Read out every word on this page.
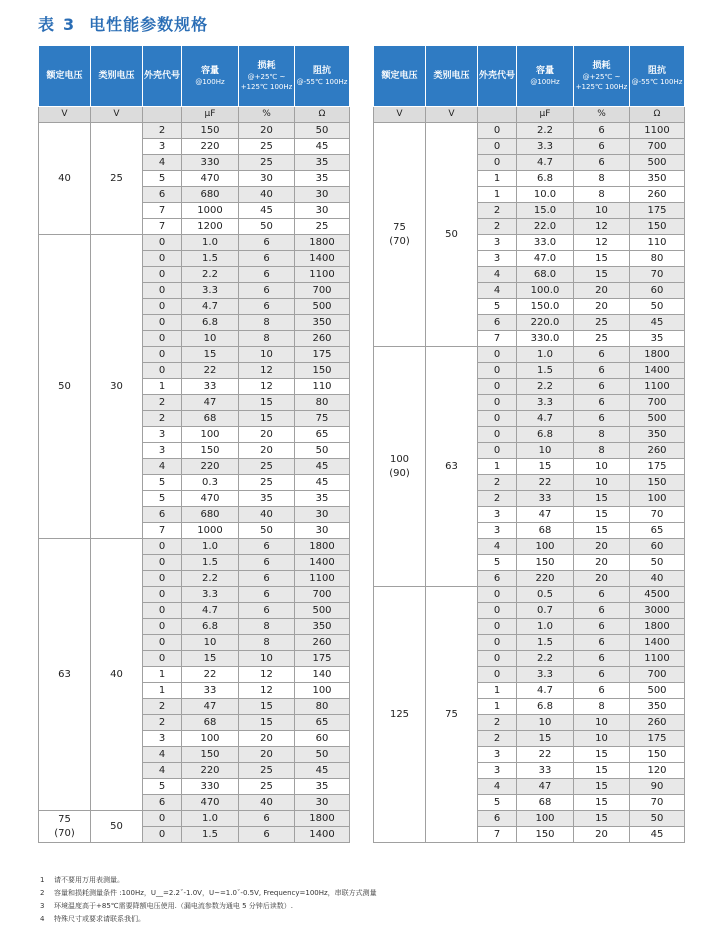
表 3 电性能参数规格
额定电压	类别电压	外壳代号	容量
@100Hz	损耗
@+25℃ ~ +125℃ 100Hz	阻抗
@-55℃ 100Hz

V	V		μF	%	Ω
40	25	2	150	20	50
		3	220	25	45
		4	330	25	35
		5	470	30	35
		6	680	40	30
		7	1000	45	30
		7	1200	50	25
50	30	0	1.0	6	1800
		0	1.5	6	1400
		0	2.2	6	1100
		0	3.3	6	700
		0	4.7	6	500
		0	6.8	8	350
		0	10	8	260
		0	15	10	175
		0	22	12	150
		1	33	12	110
		2	47	15	80
		2	68	15	75
		3	100	20	65
		3	150	20	50
		4	220	25	45
		5	0.3	25	45
		5	470	35	35
		6	680	40	30
		7	1000	50	30
63	40	0	1.0	6	1800
		0	1.5	6	1400
		0	2.2	6	1100
		0	3.3	6	700
		0	4.7	6	500
		0	6.8	8	350
		0	10	8	260
		0	15	10	175
		1	22	12	140
		1	33	12	100
		2	47	15	80
		2	68	15	65
		3	100	20	60
		4	150	20	50
		4	220	25	45
		5	330	25	35
		6	470	40	30
75
(70)	50	0	1.0	6	1800
		0	1.5	6	1400
额定电压	类别电压	外壳代号	容量
@100Hz	损耗
@+25℃ ~ +125℃ 100Hz	阻抗
@-55℃ 100Hz

V	V		μF	%	Ω
75
(70)	50	0	2.2	6	1100
		0	3.3	6	700
		0	4.7	6	500
		1	6.8	8	350
		1	10.0	8	260
		2	15.0	10	175
		2	22.0	12	150
		3	33.0	12	110
		3	47.0	15	80
		4	68.0	15	70
		4	100.0	20	60
		5	150.0	20	50
		6	220.0	25	45
		7	330.0	25	35
100
(90)	63	0	1.0	6	1800
		0	1.5	6	1400
		0	2.2	6	1100
		0	3.3	6	700
		0	4.7	6	500
		0	6.8	8	350
		0	10	8	260
		1	15	10	175
		2	22	10	150
		2	33	15	100
		3	47	15	70
		3	68	15	65
		4	100	20	60
		5	150	20	50
		6	220	20	40
125	75	0	0.5	6	4500
		0	0.7	6	3000
		0	1.0	6	1800
		0	1.5	6	1400
		0	2.2	6	1100
		0	3.3	6	700
		1	4.7	6	500
		1	6.8	8	350
		2	10	10	260
		2	15	10	175
		3	22	15	150
		3	33	15	120
		4	47	15	90
		5	68	15	70
		6	100	15	50
		7	150	20	45
1 请不要用万用表测量。
2 容量和损耗测量条件 :100Hz，U__=2.2ˇ-1.0V，U~=1.0ˇ-0.5V, Frequency=100Hz，串联方式测量
3 环境温度高于+85℃需要降额电压使用.（漏电流参数为通电 5 分钟后读数）.
4 特殊尺寸或要求请联系我们。
